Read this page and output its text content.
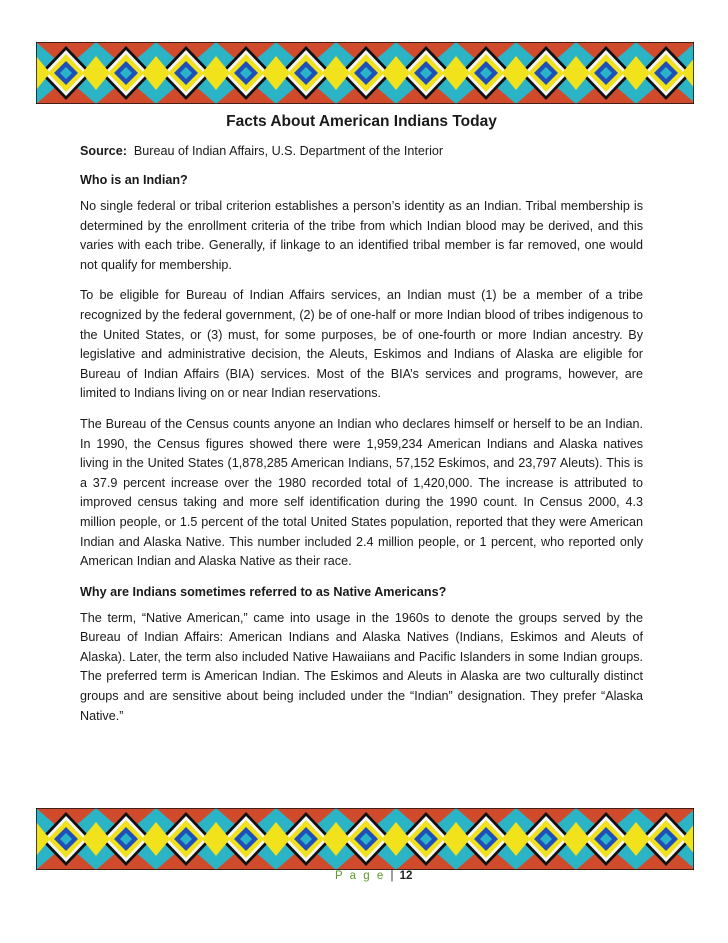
Facts About American Indians Today
Source: Bureau of Indian Affairs, U.S. Department of the Interior
Who is an Indian?

No single federal or tribal criterion establishes a person’s identity as an Indian. Tribal membership is determined by the enrollment criteria of the tribe from which Indian blood may be derived, and this varies with each tribe. Generally, if linkage to an identified tribal member is far removed, one would not qualify for membership.

To be eligible for Bureau of Indian Affairs services, an Indian must (1) be a member of a tribe recognized by the federal government, (2) be of one-half or more Indian blood of tribes indigenous to the United States, or (3) must, for some purposes, be of one-fourth or more Indian ancestry. By legislative and administrative decision, the Aleuts, Eskimos and Indians of Alaska are eligible for Bureau of Indian Affairs (BIA) services. Most of the BIA’s services and programs, however, are limited to Indians living on or near Indian reservations.

The Bureau of the Census counts anyone an Indian who declares himself or herself to be an Indian. In 1990, the Census figures showed there were 1,959,234 American Indians and Alaska natives living in the United States (1,878,285 American Indians, 57,152 Eskimos, and 23,797 Aleuts). This is a 37.9 percent increase over the 1980 recorded total of 1,420,000. The increase is attributed to improved census taking and more self identification during the 1990 count. In Census 2000, 4.3 million people, or 1.5 percent of the total United States population, reported that they were American Indian and Alaska Native. This number included 2.4 million people, or 1 percent, who reported only American Indian and Alaska Native as their race.

Why are Indians sometimes referred to as Native Americans?

The term, “Native American,” came into usage in the 1960s to denote the groups served by the Bureau of Indian Affairs: American Indians and Alaska Natives (Indians, Eskimos and Aleuts of Alaska). Later, the term also included Native Hawaiians and Pacific Islanders in some Indian groups. The preferred term is American Indian. The Eskimos and Aleuts in Alaska are two culturally distinct groups and are sensitive about being included under the “Indian” designation. They prefer “Alaska Native.”

P a g e | 12
